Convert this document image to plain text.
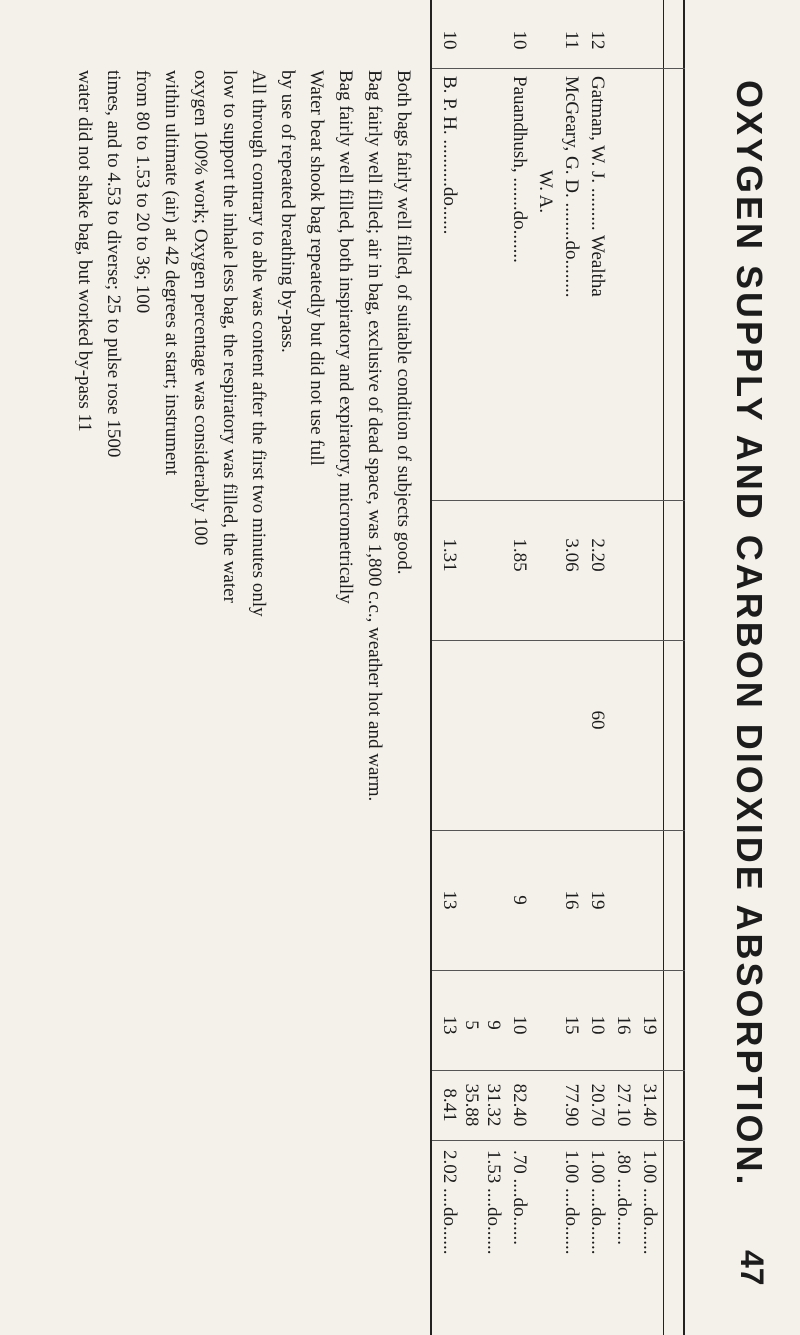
OXYGEN SUPPLY AND CARBON DIOXIDE ABSORPTION.
47
19
31.40
1.00 ....do......
16
27.10
.80 ....do......
12
Gatman, W. J. ......... Wealtha
2.20
60
19
10
20.70
1.00 ....do......
11
McGeary, G. D. ........do........
3.06
16
15
77.90
1.00 ....do......
W. A.
10
Pauandhush, .......do.......
1.85
9
10
82.40
.70 ....do......
9
31.32
1.53 ....do......
5
35.88
10
B. P. H. ..........do......
1.31
13
13
8.41
2.02 ....do......
Both bags fairly well filled, of suitable condition of subjects good.
Bag fairly well filled; air in bag, exclusive of dead space, was 1,800 c.c., weather hot and warm.
Bag fairly well filled, both inspiratory and expiratory, micrometrically
Water beat shook bag repeatedly but did not use full
by use of repeated breathing by-pass.
All through contrary to able was content after the first two minutes only
low to support the inhale less bag, the respiratory was filled, the water
oxygen 100% work; Oxygen percentage was considerably 100
within ultimate (air) at 42 degrees at start; instrument
from 80 to 1.53 to 20 to 36; 100
times, and to 4.53 to diverse; 25 to pulse rose 1500
water did not shake bag, but worked by-pass 11
